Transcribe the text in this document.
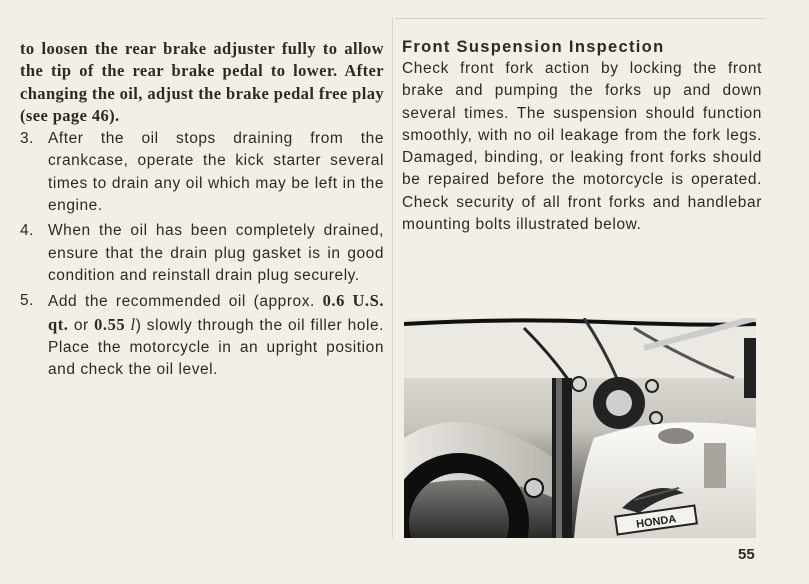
to loosen the rear brake adjuster fully to allow the tip of the rear brake pedal to lower. After changing the oil, adjust the brake pedal free play (see page 46).

3. After the oil stops draining from the crankcase, operate the kick starter several times to drain any oil which may be left in the engine.
4. When the oil has been completely drained, ensure that the drain plug gasket is in good condition and reinstall drain plug securely.
5. Add the recommended oil (approx. 0.6 U.S. qt. or 0.55 l) slowly through the oil filler hole. Place the motorcycle in an upright position and check the oil level.
Front Suspension Inspection

Check front fork action by locking the front brake and pumping the forks up and down several times. The suspension should function smoothly, with no oil leakage from the fork legs. Damaged, binding, or leaking front forks should be repaired before the motorcycle is operated. Check security of all front forks and handlebar mounting bolts illustrated below.

HONDA
55
